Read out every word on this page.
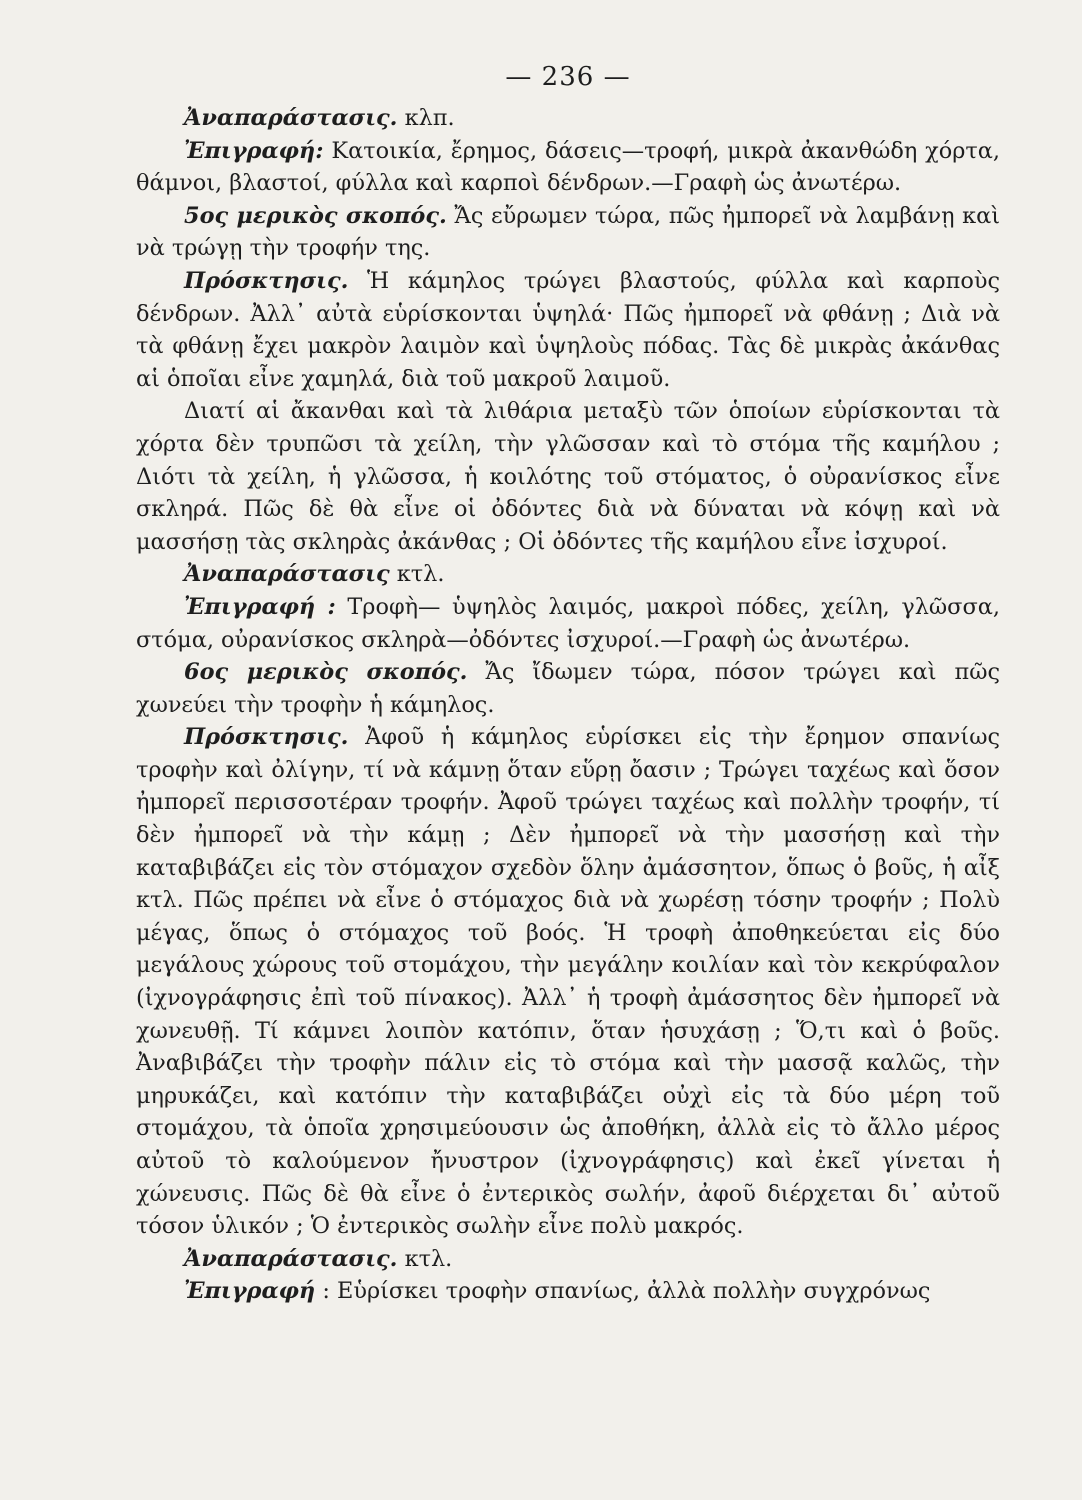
— 236 —

Ἀναπαράστασις. κλπ.

Ἐπιγραφή: Κατοικία, ἔρημος, δάσεις—τροφή, μικρὰ ἀκανθώδη χόρτα, θάμνοι, βλαστοί, φύλλα καὶ καρποὶ δένδρων.—Γραφὴ ὡς ἀνωτέρω.

5ος μερικὸς σκοπός. Ἄς εὔρωμεν τώρα, πῶς ἠμπορεῖ νὰ λαμβάνῃ καὶ νὰ τρώγῃ τὴν τροφήν της.

Πρόσκτησις. Ἡ κάμηλος τρώγει βλαστούς, φύλλα καὶ καρποὺς δένδρων. Ἀλλ᾽ αὐτὰ εὑρίσκονται ὑψηλά· Πῶς ἠμπορεῖ νὰ φθάνῃ ; Διὰ νὰ τὰ φθάνῃ ἔχει μακρὸν λαιμὸν καὶ ὑψηλοὺς πόδας. Τὰς δὲ μικρὰς ἀκάνθας αἱ ὁποῖαι εἶνε χαμηλά, διὰ τοῦ μακροῦ λαιμοῦ.

Διατί αἱ ἄκανθαι καὶ τὰ λιθάρια μεταξὺ τῶν ὁποίων εὑρίσκονται τὰ χόρτα δὲν τρυπῶσι τὰ χείλη, τὴν γλῶσσαν καὶ τὸ στόμα τῆς καμήλου ; Διότι τὰ χείλη, ἡ γλῶσσα, ἡ κοιλότης τοῦ στόματος, ὁ οὐρανίσκος εἶνε σκληρά. Πῶς δὲ θὰ εἶνε οἱ ὀδόντες διὰ νὰ δύναται νὰ κόψῃ καὶ νὰ μασσήσῃ τὰς σκληρὰς ἀκάνθας ; Οἱ ὀδόντες τῆς καμήλου εἶνε ἰσχυροί.

Ἀναπαράστασις κτλ.

Ἐπιγραφή : Τροφὴ— ὑψηλὸς λαιμός, μακροὶ πόδες, χείλη, γλῶσσα, στόμα, οὐρανίσκος σκληρὰ—ὀδόντες ἰσχυροί.—Γραφὴ ὡς ἀνωτέρω.

6ος μερικὸς σκοπός. Ἄς ἴδωμεν τώρα, πόσον τρώγει καὶ πῶς χωνεύει τὴν τροφὴν ἡ κάμηλος.

Πρόσκτησις. Ἀφοῦ ἡ κάμηλος εὑρίσκει εἰς τὴν ἔρημον σπανίως τροφὴν καὶ ὀλίγην, τί νὰ κάμνῃ ὅταν εὕρῃ ὄασιν ; Τρώγει ταχέως καὶ ὅσον ἠμπορεῖ περισσοτέραν τροφήν. Ἀφοῦ τρώγει ταχέως καὶ πολλὴν τροφήν, τί δὲν ἠμπορεῖ νὰ τὴν κάμῃ ; Δὲν ἠμπορεῖ νὰ τὴν μασσήσῃ καὶ τὴν καταβιβάζει εἰς τὸν στόμαχον σχεδὸν ὅλην ἀμάσσητον, ὅπως ὁ βοῦς, ἡ αἶξ κτλ. Πῶς πρέπει νὰ εἶνε ὁ στόμαχος διὰ νὰ χωρέσῃ τόσην τροφήν ; Πολὺ μέγας, ὅπως ὁ στόμαχος τοῦ βοός. Ἡ τροφὴ ἀποθηκεύεται εἰς δύο μεγάλους χώρους τοῦ στομάχου, τὴν μεγάλην κοιλίαν καὶ τὸν κεκρύφαλον (ἰχνογράφησις ἐπὶ τοῦ πίνακος). Ἀλλ᾽ ἡ τροφὴ ἀμάσσητος δὲν ἠμπορεῖ νὰ χωνευθῇ. Τί κάμνει λοιπὸν κατόπιν, ὅταν ἡσυχάσῃ ; Ὅ,τι καὶ ὁ βοῦς. Ἀναβιβάζει τὴν τροφὴν πάλιν εἰς τὸ στόμα καὶ τὴν μασσᾷ καλῶς, τὴν μηρυκάζει, καὶ κατόπιν τὴν καταβιβάζει οὐχὶ εἰς τὰ δύο μέρη τοῦ στομάχου, τὰ ὁποῖα χρησιμεύουσιν ὡς ἀποθήκη, ἀλλὰ εἰς τὸ ἄλλο μέρος αὐτοῦ τὸ καλούμενον ἤνυστρον (ἰχνογράφησις) καὶ ἐκεῖ γίνεται ἡ χώνευσις. Πῶς δὲ θὰ εἶνε ὁ ἐντερικὸς σωλήν, ἀφοῦ διέρχεται δι᾽ αὐτοῦ τόσον ὑλικόν ; Ὁ ἐντερικὸς σωλὴν εἶνε πολὺ μακρός.

Ἀναπαράστασις. κτλ.

Ἐπιγραφή : Εὑρίσκει τροφὴν σπανίως, ἀλλὰ πολλὴν συγχρόνως
